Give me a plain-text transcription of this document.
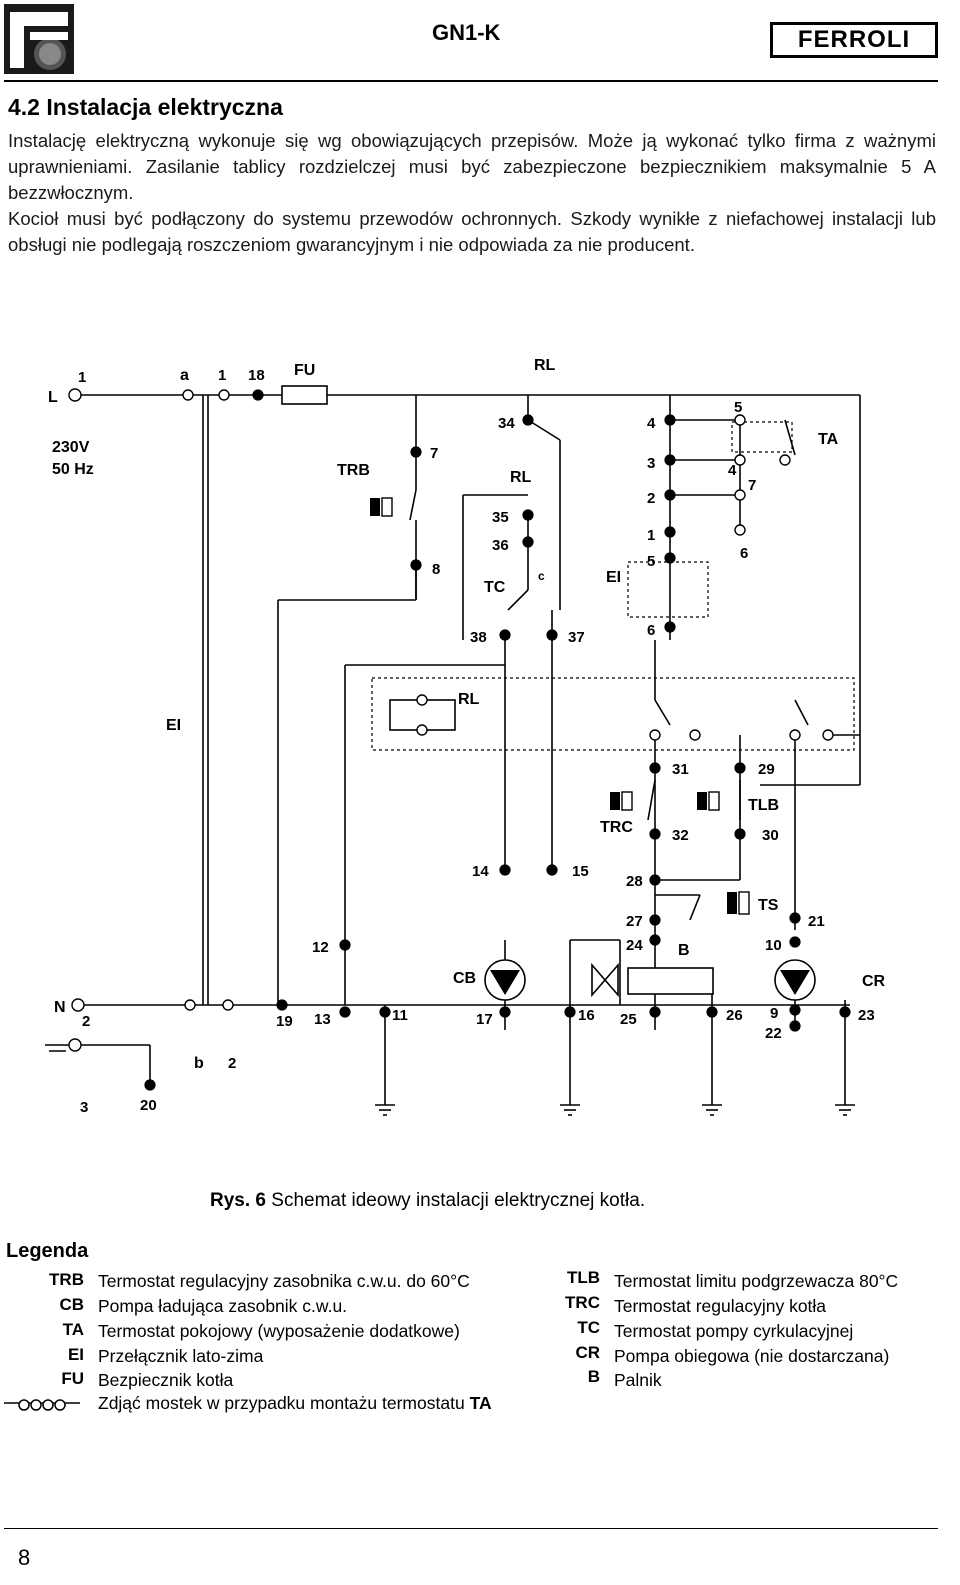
GN1-K	FERROLI
4.2 Instalacja elektryczna

Instalację elektryczną wykonuje się wg obowiązujących przepisów. Może ją wykonać tylko firma z ważnymi uprawnieniami. Zasilanie tablicy rozdzielczej musi być zabezpieczone bezpiecznikiem maksymalnie 5 A bezzwłocznym.

Kocioł musi być podłączony do systemu przewodów ochronnych. Szkody wynikłe z niefachowej instalacji lub obsługi nie podlegają roszczeniom gwarancyjnym i nie odpowiada za nie producent.

L
N
230V
50 Hz
FU	RL
RL
RL
TRB
TC
EI
EI
TA
TRC
TLB
TS
CB
B
CR
a
b
c
1
2
3	20
1 18
2
7
8
34
35
36
38	37
4
3
2
1
5
6
5
4
7
6
31	29
32	30
28
27
24
21
10
9
22
12
19 13	11
14	15
17	16 25	26	23
Rys. 6 Schemat ideowy instalacji elektrycznej kotła.
Legenda
TRB Termostat regulacyjny zasobnika c.w.u. do 60°C
CB Pompa ładująca zasobnik c.w.u.
TA Termostat pokojowy (wyposażenie dodatkowe)
EI Przełącznik lato-zima
FU Bezpiecznik kotła
Zdjąć mostek w przypadku montażu termostatu TA
TLB Termostat limitu podgrzewacza 80°C
TRC Termostat regulacyjny kotła
TC Termostat pompy cyrkulacyjnej
CR Pompa obiegowa (nie dostarczana)
B Palnik
8
